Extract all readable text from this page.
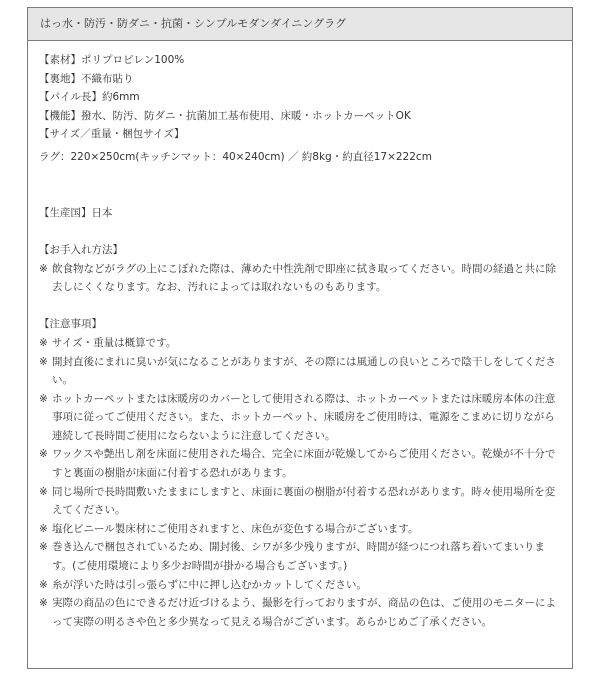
はっ水・防汚・防ダニ・抗菌・シンプルモダンダイニングラグ
【素材】ポリプロピレン100%
【裏地】不織布貼り
【パイル長】約6mm
【機能】撥水、防汚、防ダニ・抗菌加工基布使用、床暖・ホットカーペットOK
【サイズ／重量・梱包サイズ】
ラグ：220×250cm(キッチンマット：40×240cm) ／ 約8kg・約直径17×222cm
【生産国】日本
【お手入れ方法】
※ 飲食物などがラグの上にこぼれた際は、薄めた中性洗剤で即座に拭き取ってください。時間の経過と共に除去しにくくなります。なお、汚れによっては取れないものもあります。
【注意事項】
※ サイズ・重量は概算です。
※ 開封直後にまれに臭いが気になることがありますが、その際には風通しの良いところで陰干しをしてください。
※ ホットカーペットまたは床暖房のカバーとして使用される際は、ホットカーペットまたは床暖房本体の注意事項に従ってご使用ください。また、ホットカーペット、床暖房をご使用時は、電源をこまめに切りながら連続して長時間ご使用にならないように注意してください。
※ ワックスや艶出し剤を床面に使用された場合、完全に床面が乾燥してからご使用ください。乾燥が不十分ですと裏面の樹脂が床面に付着する恐れがあります。
※ 同じ場所で長時間敷いたままにしますと、床面に裏面の樹脂が付着する恐れがあります。時々使用場所を変えてください。
※ 塩化ビニール製床材にご使用されますと、床色が変色する場合がございます。
※ 巻き込んで梱包されているため、開封後、シワが多少残りますが、時間が経つにつれ落ち着いてまいります。(ご使用環境により多少お時間が掛かる場合もございます。)
※ 糸が浮いた時は引っ張らずに中に押し込むかカットしてください。
※ 実際の商品の色にできるだけ近づけるよう、撮影を行っておりますが、商品の色は、ご使用のモニターによって実際の明るさや色と多少異なって見える場合がございます。あらかじめご了承ください。
